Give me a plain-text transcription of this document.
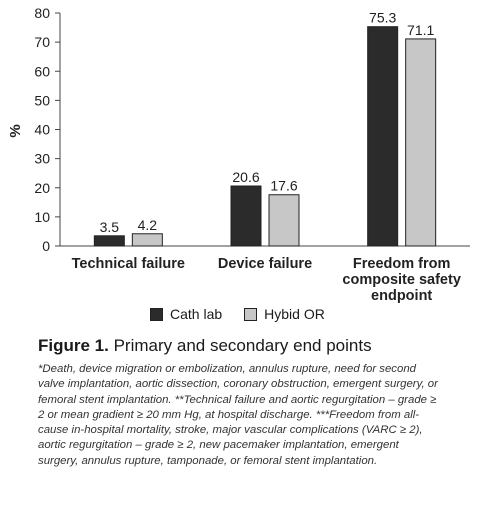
0
10
20
30
40
50
60
70
80
%
3.5 4.2
Technical failure
20.6
17.6
Device failure
75.3
71.1
Freedom from
composite safety
endpoint
Cath lab	Hybid OR
Figure 1. Primary and secondary end points
*Death, device migration or embolization, annulus rupture, need for second valve implantation, aortic dissection, coronary obstruction, emergent surgery, or femoral stent implantation. **Technical failure and aortic regurgitation – grade ≥ 2 or mean gradient ≥ 20 mm Hg, at hospital discharge. ***Freedom from all-cause in-hospital mortality, stroke, major vascular complications (VARC ≥ 2), aortic regurgitation – grade ≥ 2, new pacemaker implantation, emergent surgery, annulus rupture, tamponade, or femoral stent implantation.
